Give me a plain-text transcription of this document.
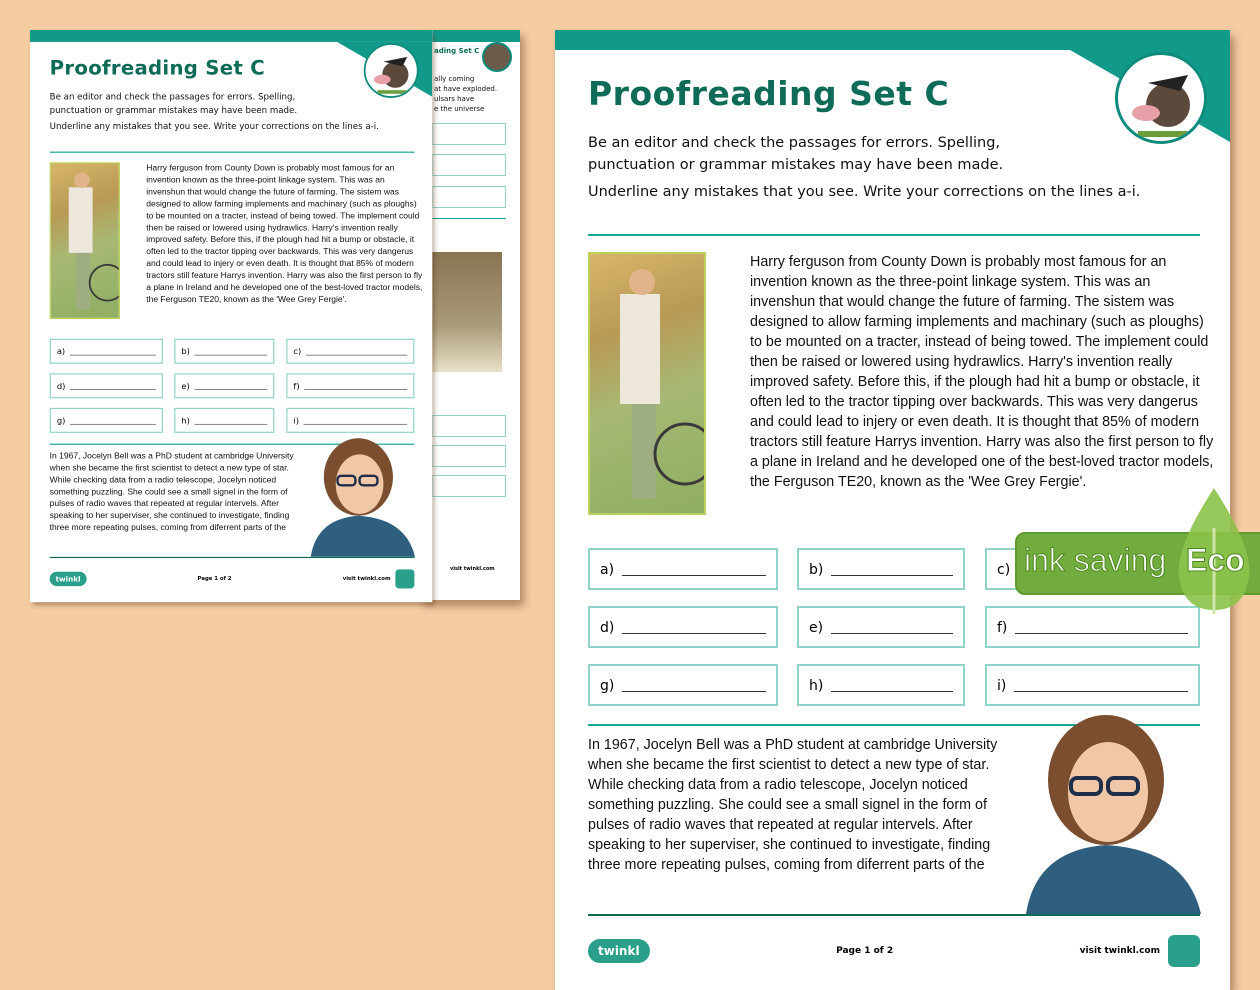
ading Set C
ally coming
at have exploded.
ulsars have
e the universe
visit twinkl.com
Proofreading Set C
Be an editor and check the passages for errors. Spelling, punctuation or grammar mistakes may have been made.
Underline any mistakes that you see. Write your corrections on the lines a-i.
Harry ferguson from County Down is probably most famous for an invention known as the three-point linkage system. This was an invenshun that would change the future of farming. The sistem was designed to allow farming implements and machinary (such as ploughs) to be mounted on a tracter, instead of being towed. The implement could then be raised or lowered using hydrawlics. Harry's invention really improved safety. Before this, if the plough had hit a bump or obstacle, it often led to the tractor tipping over backwards. This was very dangerus and could lead to injery or even death. It is thought that 85% of modern tractors still feature Harrys invention. Harry was also the first person to fly a plane in Ireland and he developed one of the best-loved tractor models, the Ferguson TE20, known as the 'Wee Grey Fergie'.
a)	b)	c)
d)	e)	f)
g)	h)	i)
In 1967, Jocelyn Bell was a PhD student at cambridge University when she became the first scientist to detect a new type of star. While checking data from a radio telescope, Jocelyn noticed something puzzling. She could see a small signel in the form of pulses of radio waves that repeated at regular intervels. After speaking to her superviser, she continued to investigate, finding three more repeating pulses, coming from diferrent parts of the
twinkl	Page 1 of 2	visit twinkl.com
Proofreading Set C
Be an editor and check the passages for errors. Spelling, punctuation or grammar mistakes may have been made.
Underline any mistakes that you see. Write your corrections on the lines a-i.
Harry ferguson from County Down is probably most famous for an invention known as the three-point linkage system. This was an invenshun that would change the future of farming. The sistem was designed to allow farming implements and machinary (such as ploughs) to be mounted on a tracter, instead of being towed. The implement could then be raised or lowered using hydrawlics. Harry's invention really improved safety. Before this, if the plough had hit a bump or obstacle, it often led to the tractor tipping over backwards. This was very dangerus and could lead to injery or even death. It is thought that 85% of modern tractors still feature Harrys invention. Harry was also the first person to fly a plane in Ireland and he developed one of the best-loved tractor models, the Ferguson TE20, known as the 'Wee Grey Fergie'.
a)	b)	c)
d)	e)	f)
g)	h)	i)
In 1967, Jocelyn Bell was a PhD student at cambridge University when she became the first scientist to detect a new type of star. While checking data from a radio telescope, Jocelyn noticed something puzzling. She could see a small signel in the form of pulses of radio waves that repeated at regular intervels. After speaking to her superviser, she continued to investigate, finding three more repeating pulses, coming from diferrent parts of the
twinkl	Page 1 of 2	visit twinkl.com
ink saving Eco
